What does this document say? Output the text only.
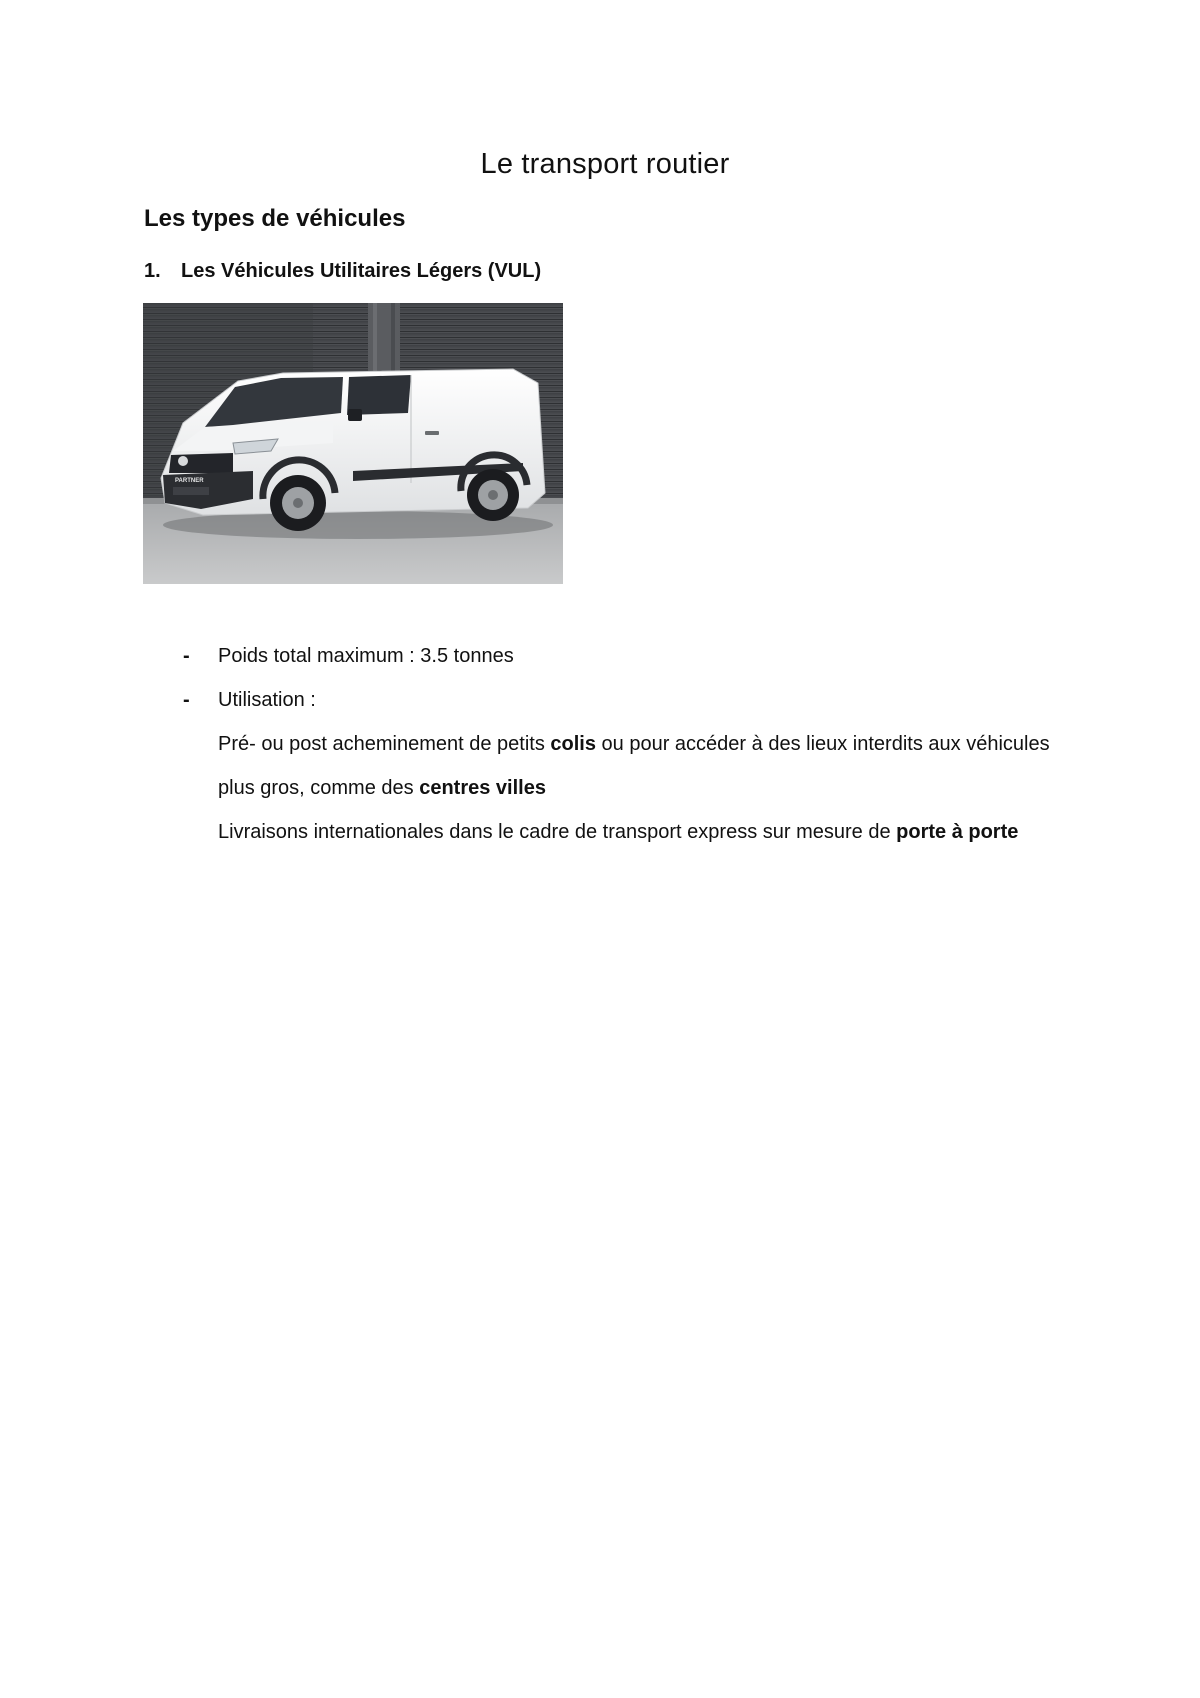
Le transport routier
Les types de véhicules
1.	Les Véhicules Utilitaires Légers (VUL)
PARTNER
- Poids total maximum : 3.5 tonnes
- Utilisation :
Pré- ou post acheminement de petits colis ou pour accéder à des lieux interdits aux véhicules plus gros, comme des centres villes
Livraisons internationales dans le cadre de transport express sur mesure de porte à porte
